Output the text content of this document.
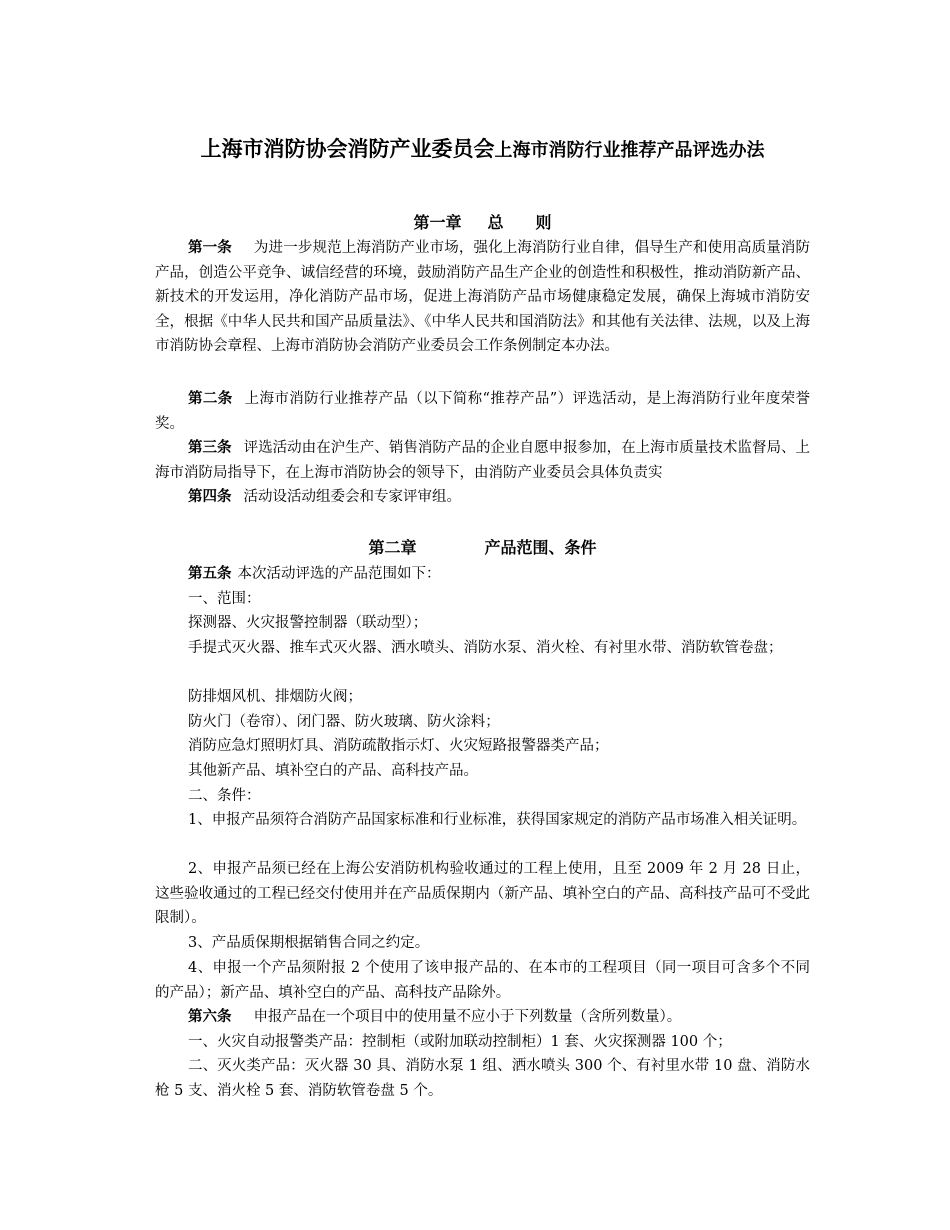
上海市消防协会消防产业委员会上海市消防行业推荐产品评选办法
第一章 总　　则

第一条 为进一步规范上海消防产业市场，强化上海消防行业自律，倡导生产和使用高质量消防产品，创造公平竞争、诚信经营的环境，鼓励消防产品生产企业的创造性和积极性，推动消防新产品、新技术的开发运用，净化消防产品市场，促进上海消防产品市场健康稳定发展，确保上海城市消防安全，根据《中华人民共和国产品质量法》、《中华人民共和国消防法》和其他有关法律、法规，以及上海市消防协会章程、上海市消防协会消防产业委员会工作条例制定本办法。

第二条 上海市消防行业推荐产品（以下简称“推荐产品”）评选活动，是上海消防行业年度荣誉奖。

第三条 评选活动由在沪生产、销售消防产品的企业自愿申报参加，在上海市质量技术监督局、上海市消防局指导下，在上海市消防协会的领导下，由消防产业委员会具体负责实

第四条 活动设活动组委会和专家评审组。

第二章	产品范围、条件

第五条 本次活动评选的产品范围如下：

一、范围：

探测器、火灾报警控制器（联动型）；

手提式灭火器、推车式灭火器、洒水喷头、消防水泵、消火栓、有衬里水带、消防软管卷盘；

防排烟风机、排烟防火阀；

防火门（卷帘）、闭门器、防火玻璃、防火涂料；

消防应急灯照明灯具、消防疏散指示灯、火灾短路报警器类产品；

其他新产品、填补空白的产品、高科技产品。

二、条件：

1、申报产品须符合消防产品国家标准和行业标准，获得国家规定的消防产品市场准入相关证明。

2、申报产品须已经在上海公安消防机构验收通过的工程上使用，且至 2009 年 2 月 28 日止，这些验收通过的工程已经交付使用并在产品质保期内（新产品、填补空白的产品、高科技产品可不受此限制）。

3、产品质保期根据销售合同之约定。

4、申报一个产品须附报 2 个使用了该申报产品的、在本市的工程项目（同一项目可含多个不同的产品）；新产品、填补空白的产品、高科技产品除外。

第六条 申报产品在一个项目中的使用量不应小于下列数量（含所列数量）。

一、火灾自动报警类产品：控制柜（或附加联动控制柜）1 套、火灾探测器 100 个；

二、灭火类产品：灭火器 30 具、消防水泵 1 组、洒水喷头 300 个、有衬里水带 10 盘、消防水枪 5 支、消火栓 5 套、消防软管卷盘 5 个。
